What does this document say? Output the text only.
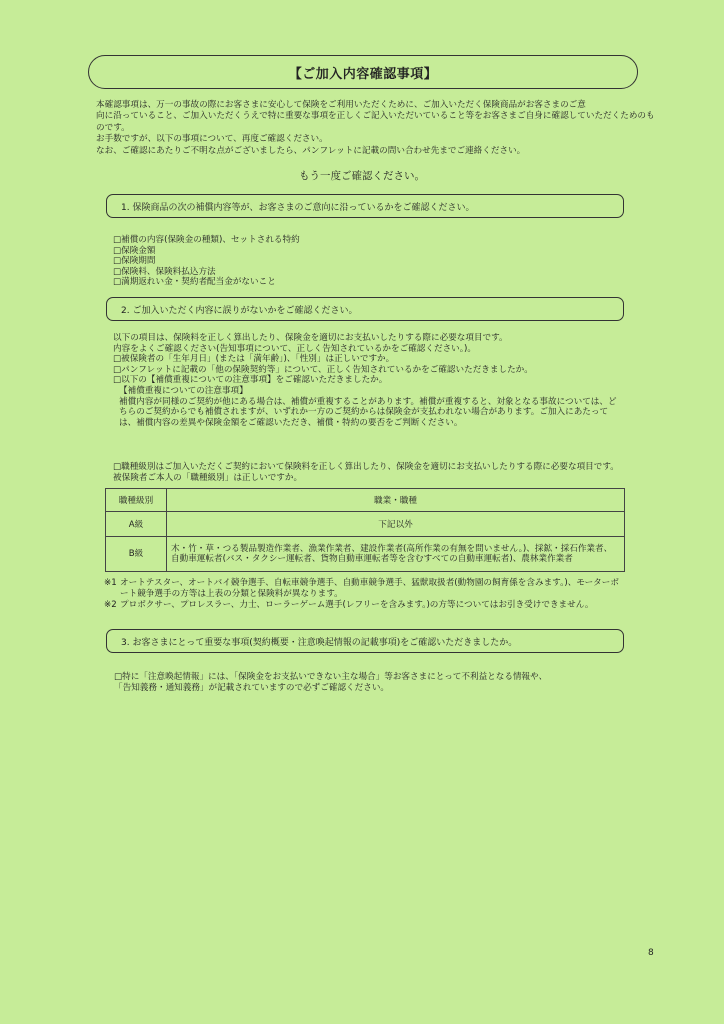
【ご加入内容確認事項】

本確認事項は、万一の事故の際にお客さまに安心して保険をご利用いただくために、ご加入いただく保険商品がお客さまのご意

向に沿っていること、ご加入いただくうえで特に重要な事項を正しくご記入いただいていること等をお客さまご自身に確認していただくためのものです。

お手数ですが、以下の事項について、再度ご確認ください。

なお、ご確認にあたりご不明な点がございましたら、パンフレットに記載の問い合わせ先までご連絡ください。

もう一度ご確認ください。
1. 保険商品の次の補償内容等が、お客さまのご意向に沿っているかをご確認ください。
□補償の内容(保険金の種類)、セットされる特約
□保険金額
□保険期間
□保険料、保険料払込方法
□満期返れい金・契約者配当金がないこと
2. ご加入いただく内容に誤りがないかをご確認ください。
以下の項目は、保険料を正しく算出したり、保険金を適切にお支払いしたりする際に必要な項目です。
内容をよくご確認ください(告知事項について、正しく告知されているかをご確認ください。)。
□被保険者の「生年月日」(または「満年齢」)、「性別」は正しいですか。
□パンフレットに記載の「他の保険契約等」について、正しく告知されているかをご確認いただきましたか。
□以下の【補償重複についての注意事項】をご確認いただきましたか。
【補償重複についての注意事項】
補償内容が同様のご契約が他にある場合は、補償が重複することがあります。補償が重複すると、対象となる事故については、どちらのご契約からでも補償されますが、いずれか一方のご契約からは保険金が支払われない場合があります。ご加入にあたっては、補償内容の差異や保険金額をご確認いただき、補償・特約の要否をご判断ください。
□職種級別はご加入いただくご契約において保険料を正しく算出したり、保険金を適切にお支払いしたりする際に必要な項目です。被保険者ご本人の「職種級別」は正しいですか。
職種級別	職業・職種
A級	下記以外
B級	木・竹・草・つる製品製造作業者、漁業作業者、建設作業者(高所作業の有無を問いません。)、採鉱・採石作業者、自動車運転者(バス・タクシー運転者、貨物自動車運転者等を含むすべての自動車運転者)、農林業作業者
※1 オートテスター、オートバイ競争選手、自転車競争選手、自動車競争選手、猛獣取扱者(動物園の飼育係を含みます。)、モーターボート競争選手の方等は上表の分類と保険料が異なります。
※2 プロボクサー、プロレスラー、力士、ローラーゲーム選手(レフリーを含みます。)の方等についてはお引き受けできません。
3. お客さまにとって重要な事項(契約概要・注意喚起情報の記載事項)をご確認いただきましたか。
□特に「注意喚起情報」には、「保険金をお支払いできない主な場合」等お客さまにとって不利益となる情報や、
「告知義務・通知義務」が記載されていますので必ずご確認ください。
8
